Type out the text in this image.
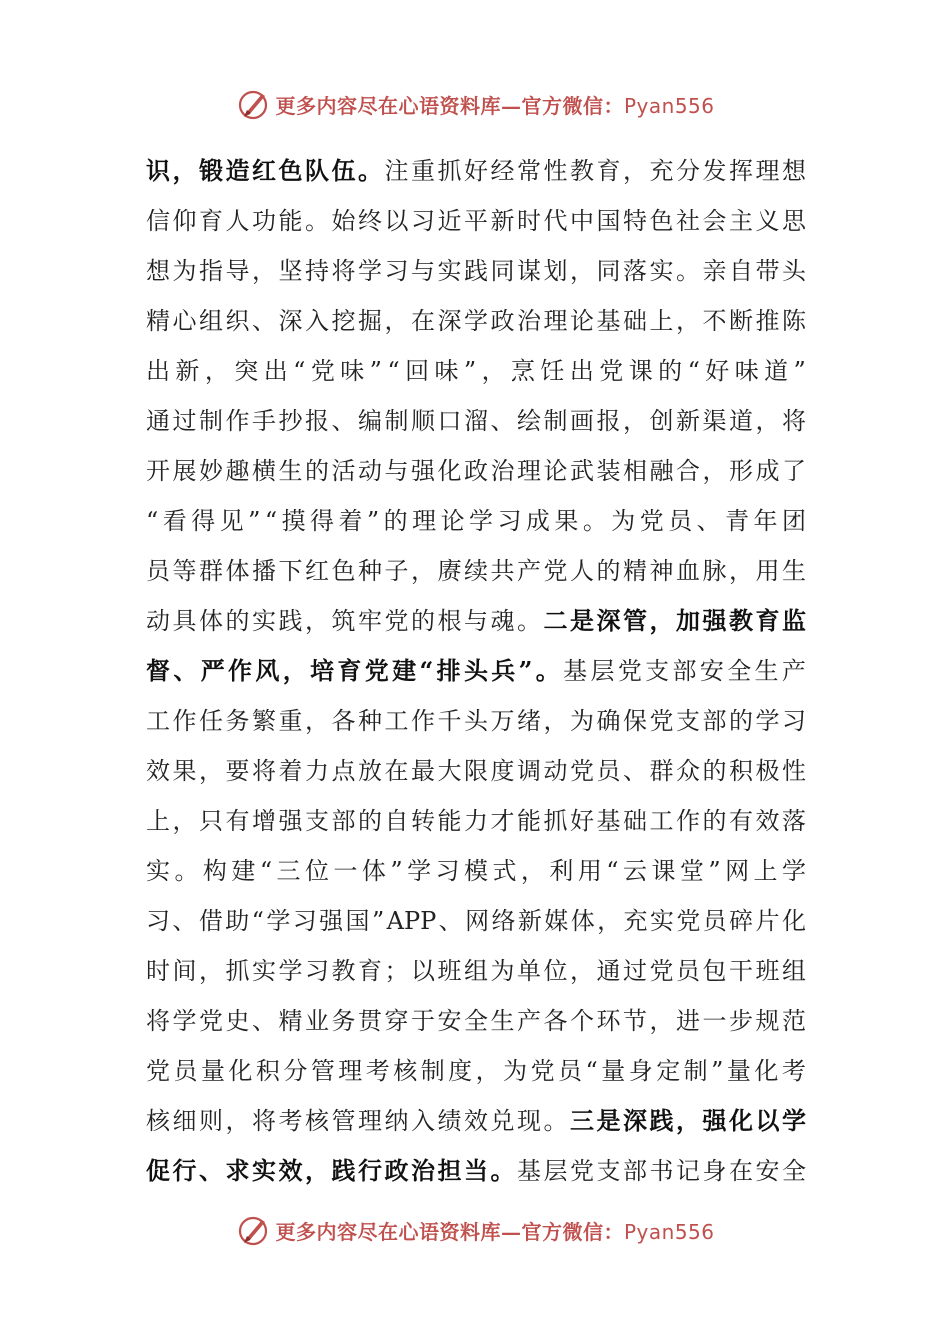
更多内容尽在心语资料库—官方微信：Pyan556
识 ， 锻 造 红 色 队 伍 。 注 重 抓 好 经 常 性 教 育 ， 充 分 发 挥 理 想
信 仰 育 人 功 能 。 始 终 以 习 近 平 新 时 代 中 国 特 色 社 会 主 义 思
想 为 指 导 ， 坚 持 将 学 习 与 实 践 同 谋 划 ， 同 落 实 。 亲 自 带 头
精 心 组 织 、 深 入 挖 掘 ， 在 深 学 政 治 理 论 基 础 上 ， 不 断 推 陈
出 新 ， 突 出 “ 党 味 ” “ 回 味 ” ， 烹 饪 出 党 课 的 “ 好 味 道 ”
通 过 制 作 手 抄 报 、 编 制 顺 口 溜 、 绘 制 画 报 ， 创 新 渠 道 ， 将
开 展 妙 趣 横 生 的 活 动 与 强 化 政 治 理 论 武 装 相 融 合 ， 形 成 了
“ 看 得 见 ” “ 摸 得 着 ” 的 理 论 学 习 成 果 。 为 党 员 、 青 年 团
员 等 群 体 播 下 红 色 种 子 ， 赓 续 共 产 党 人 的 精 神 血 脉 ， 用 生
动 具 体 的 实 践 ， 筑 牢 党 的 根 与 魂 。 二 是 深 管 ， 加 强 教 育 监
督 、 严 作 风 ， 培 育 党 建 “ 排 头 兵 ” 。 基 层 党 支 部 安 全 生 产
工 作 任 务 繁 重 ， 各 种 工 作 千 头 万 绪 ， 为 确 保 党 支 部 的 学 习
效 果 ， 要 将 着 力 点 放 在 最 大 限 度 调 动 党 员 、 群 众 的 积 极 性
上 ， 只 有 增 强 支 部 的 自 转 能 力 才 能 抓 好 基 础 工 作 的 有 效 落
实 。 构 建 “ 三 位 一 体 ” 学 习 模 式 ， 利 用 “ 云 课 堂 ” 网 上 学
习 、 借 助 “ 学 习 强 国 ” APP 、 网 络 新 媒 体 ， 充 实 党 员 碎 片 化
时 间 ， 抓 实 学 习 教 育 ； 以 班 组 为 单 位 ， 通 过 党 员 包 干 班 组
将 学 党 史 、 精 业 务 贯 穿 于 安 全 生 产 各 个 环 节 ， 进 一 步 规 范
党 员 量 化 积 分 管 理 考 核 制 度 ， 为 党 员 “ 量 身 定 制 ” 量 化 考
核 细 则 ， 将 考 核 管 理 纳 入 绩 效 兑 现 。 三 是 深 践 ， 强 化 以 学
促 行 、 求 实 效 ， 践 行 政 治 担 当 。 基 层 党 支 部 书 记 身 在 安 全
更多内容尽在心语资料库—官方微信：Pyan556
